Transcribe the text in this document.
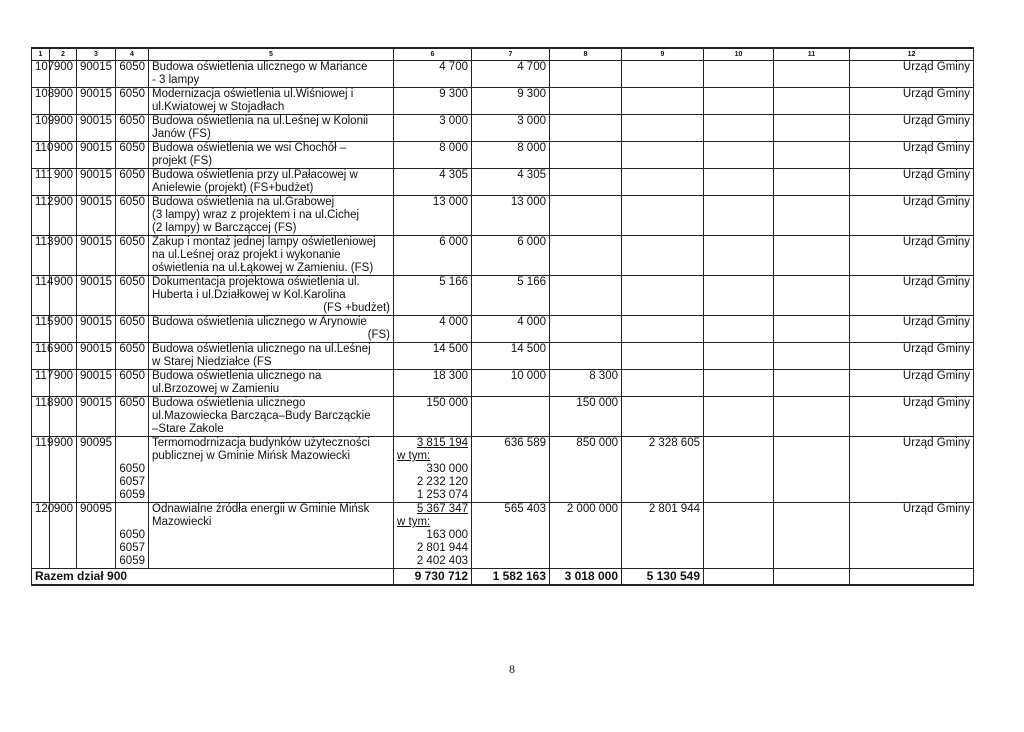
1	2	3	4	5	6	7	8	9	10	11	12
107	900	90015	6050	Budowa oświetlenia ulicznego w Mariance
- 3 lampy	4 700	4 700					Urząd Gminy
108	900	90015	6050	Modernizacja oświetlenia ul.Wiśniowej i
ul.Kwiatowej w Stojadłach	9 300	9 300					Urząd Gminy
109	900	90015	6050	Budowa oświetlenia na ul.Leśnej w Kolonii
Janów (FS)	3 000	3 000					Urząd Gminy
110	900	90015	6050	Budowa oświetlenia we wsi Chochół –
projekt (FS)	8 000	8 000					Urząd Gminy
111	900	90015	6050	Budowa oświetlenia przy ul.Pałacowej w
Anielewie (projekt) (FS+budżet)	4 305	4 305					Urząd Gminy
112	900	90015	6050	Budowa oświetlenia na ul.Grabowej
(3 lampy) wraz z projektem i na ul.Cichej
(2 lampy) w Barcząccej (FS)	13 000	13 000					Urząd Gminy
113	900	90015	6050	Zakup i montaż jednej lampy oświetleniowej
na ul.Leśnej oraz projekt i wykonanie
oświetlenia na ul.Łąkowej w Zamieniu. (FS)	6 000	6 000					Urząd Gminy
114	900	90015	6050	Dokumentacja projektowa oświetlenia ul.
Huberta i ul.Działkowej w Kol.Karolina
(FS +budżet)	5 166	5 166					Urząd Gminy
115	900	90015	6050	Budowa oświetlenia ulicznego w Arynowie
(FS)	4 000	4 000					Urząd Gminy
116	900	90015	6050	Budowa oświetlenia ulicznego na ul.Leśnej
w Starej Niedziałce (FS	14 500	14 500					Urząd Gminy
117	900	90015	6050	Budowa oświetlenia ulicznego na
ul.Brzozowej w Zamieniu	18 300	10 000	8 300				Urząd Gminy
118	900	90015	6050	Budowa oświetlenia ulicznego
ul.Mazowiecka Barcząca–Budy Barcząckie
–Stare Zakole	150 000		150 000				Urząd Gminy
119	900	90095	6050
6057
6059	Termomodrnizacja budynków użyteczności
publicznej w Gminie Mińsk Mazowiecki	3 815 194
w tym:
330 000
2 232 120
1 253 074	636 589	850 000	2 328 605			Urząd Gminy
120	900	90095	6050
6057
6059	Odnawialne źródła energii w Gminie Mińsk
Mazowiecki	5 367 347
w tym:
163 000
2 801 944
2 402 403	565 403	2 000 000	2 801 944			Urząd Gminy
Razem dział 900					9 730 712	1 582 163	3 018 000	5 130 549			
8
